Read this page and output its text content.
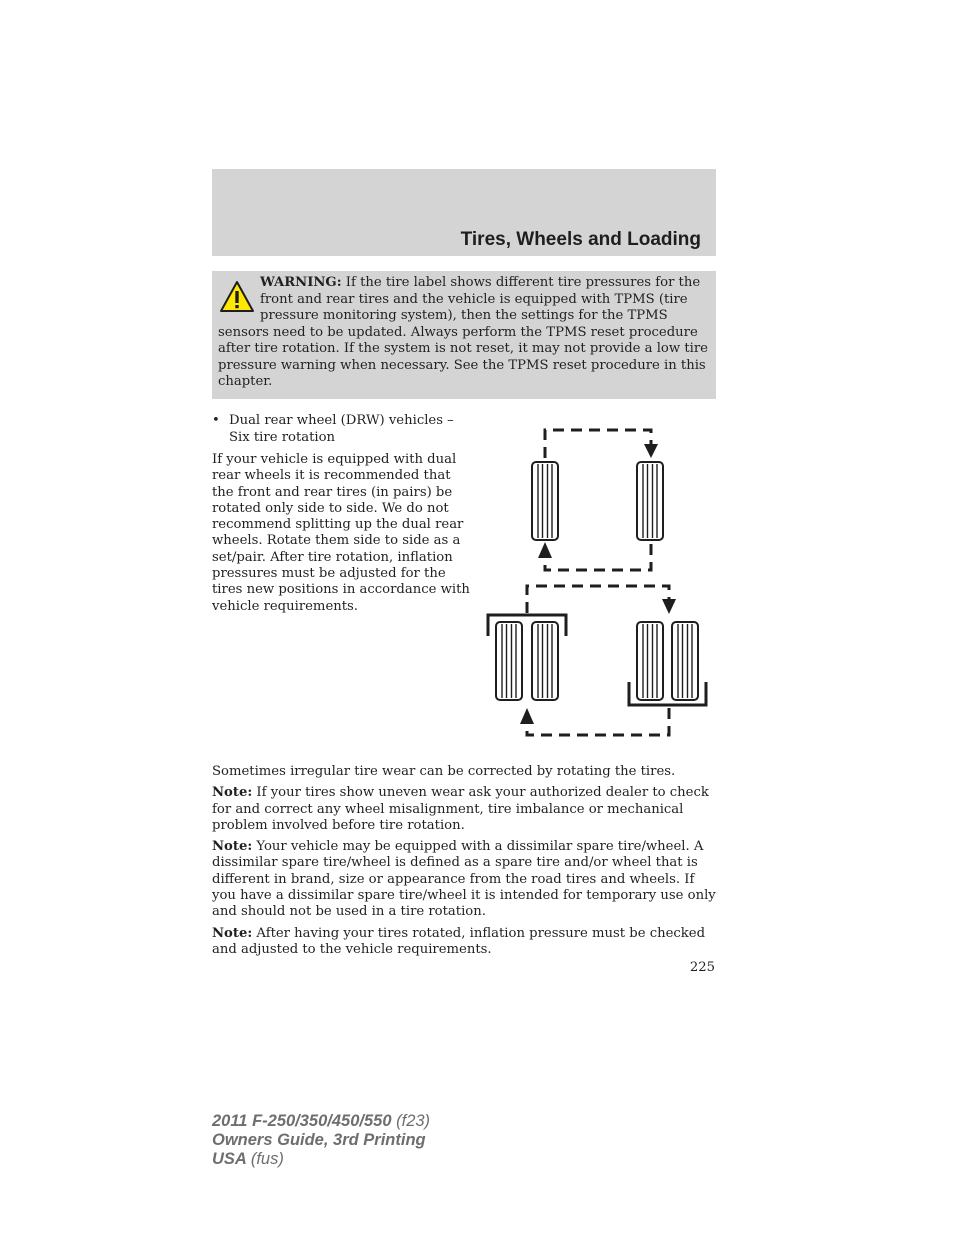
Tires, Wheels and Loading

WARNING: If the tire label shows different tire pressures for the front and rear tires and the vehicle is equipped with TPMS (tire pressure monitoring system), then the settings for the TPMS sensors need to be updated. Always perform the TPMS reset procedure after tire rotation. If the system is not reset, it may not provide a low tire pressure warning when necessary. See the TPMS reset procedure in this chapter.

• Dual rear wheel (DRW) vehicles – Six tire rotation

If your vehicle is equipped with dual rear wheels it is recommended that the front and rear tires (in pairs) be rotated only side to side. We do not recommend splitting up the dual rear wheels. Rotate them side to side as a set/pair. After tire rotation, inflation pressures must be adjusted for the tires new positions in accordance with vehicle requirements.

Sometimes irregular tire wear can be corrected by rotating the tires.

Note: If your tires show uneven wear ask your authorized dealer to check for and correct any wheel misalignment, tire imbalance or mechanical problem involved before tire rotation.

Note: Your vehicle may be equipped with a dissimilar spare tire/wheel. A dissimilar spare tire/wheel is defined as a spare tire and/or wheel that is different in brand, size or appearance from the road tires and wheels. If you have a dissimilar spare tire/wheel it is intended for temporary use only and should not be used in a tire rotation.

Note: After having your tires rotated, inflation pressure must be checked and adjusted to the vehicle requirements.

225
2011 F-250/350/450/550 (f23)
Owners Guide, 3rd Printing
USA (fus)
